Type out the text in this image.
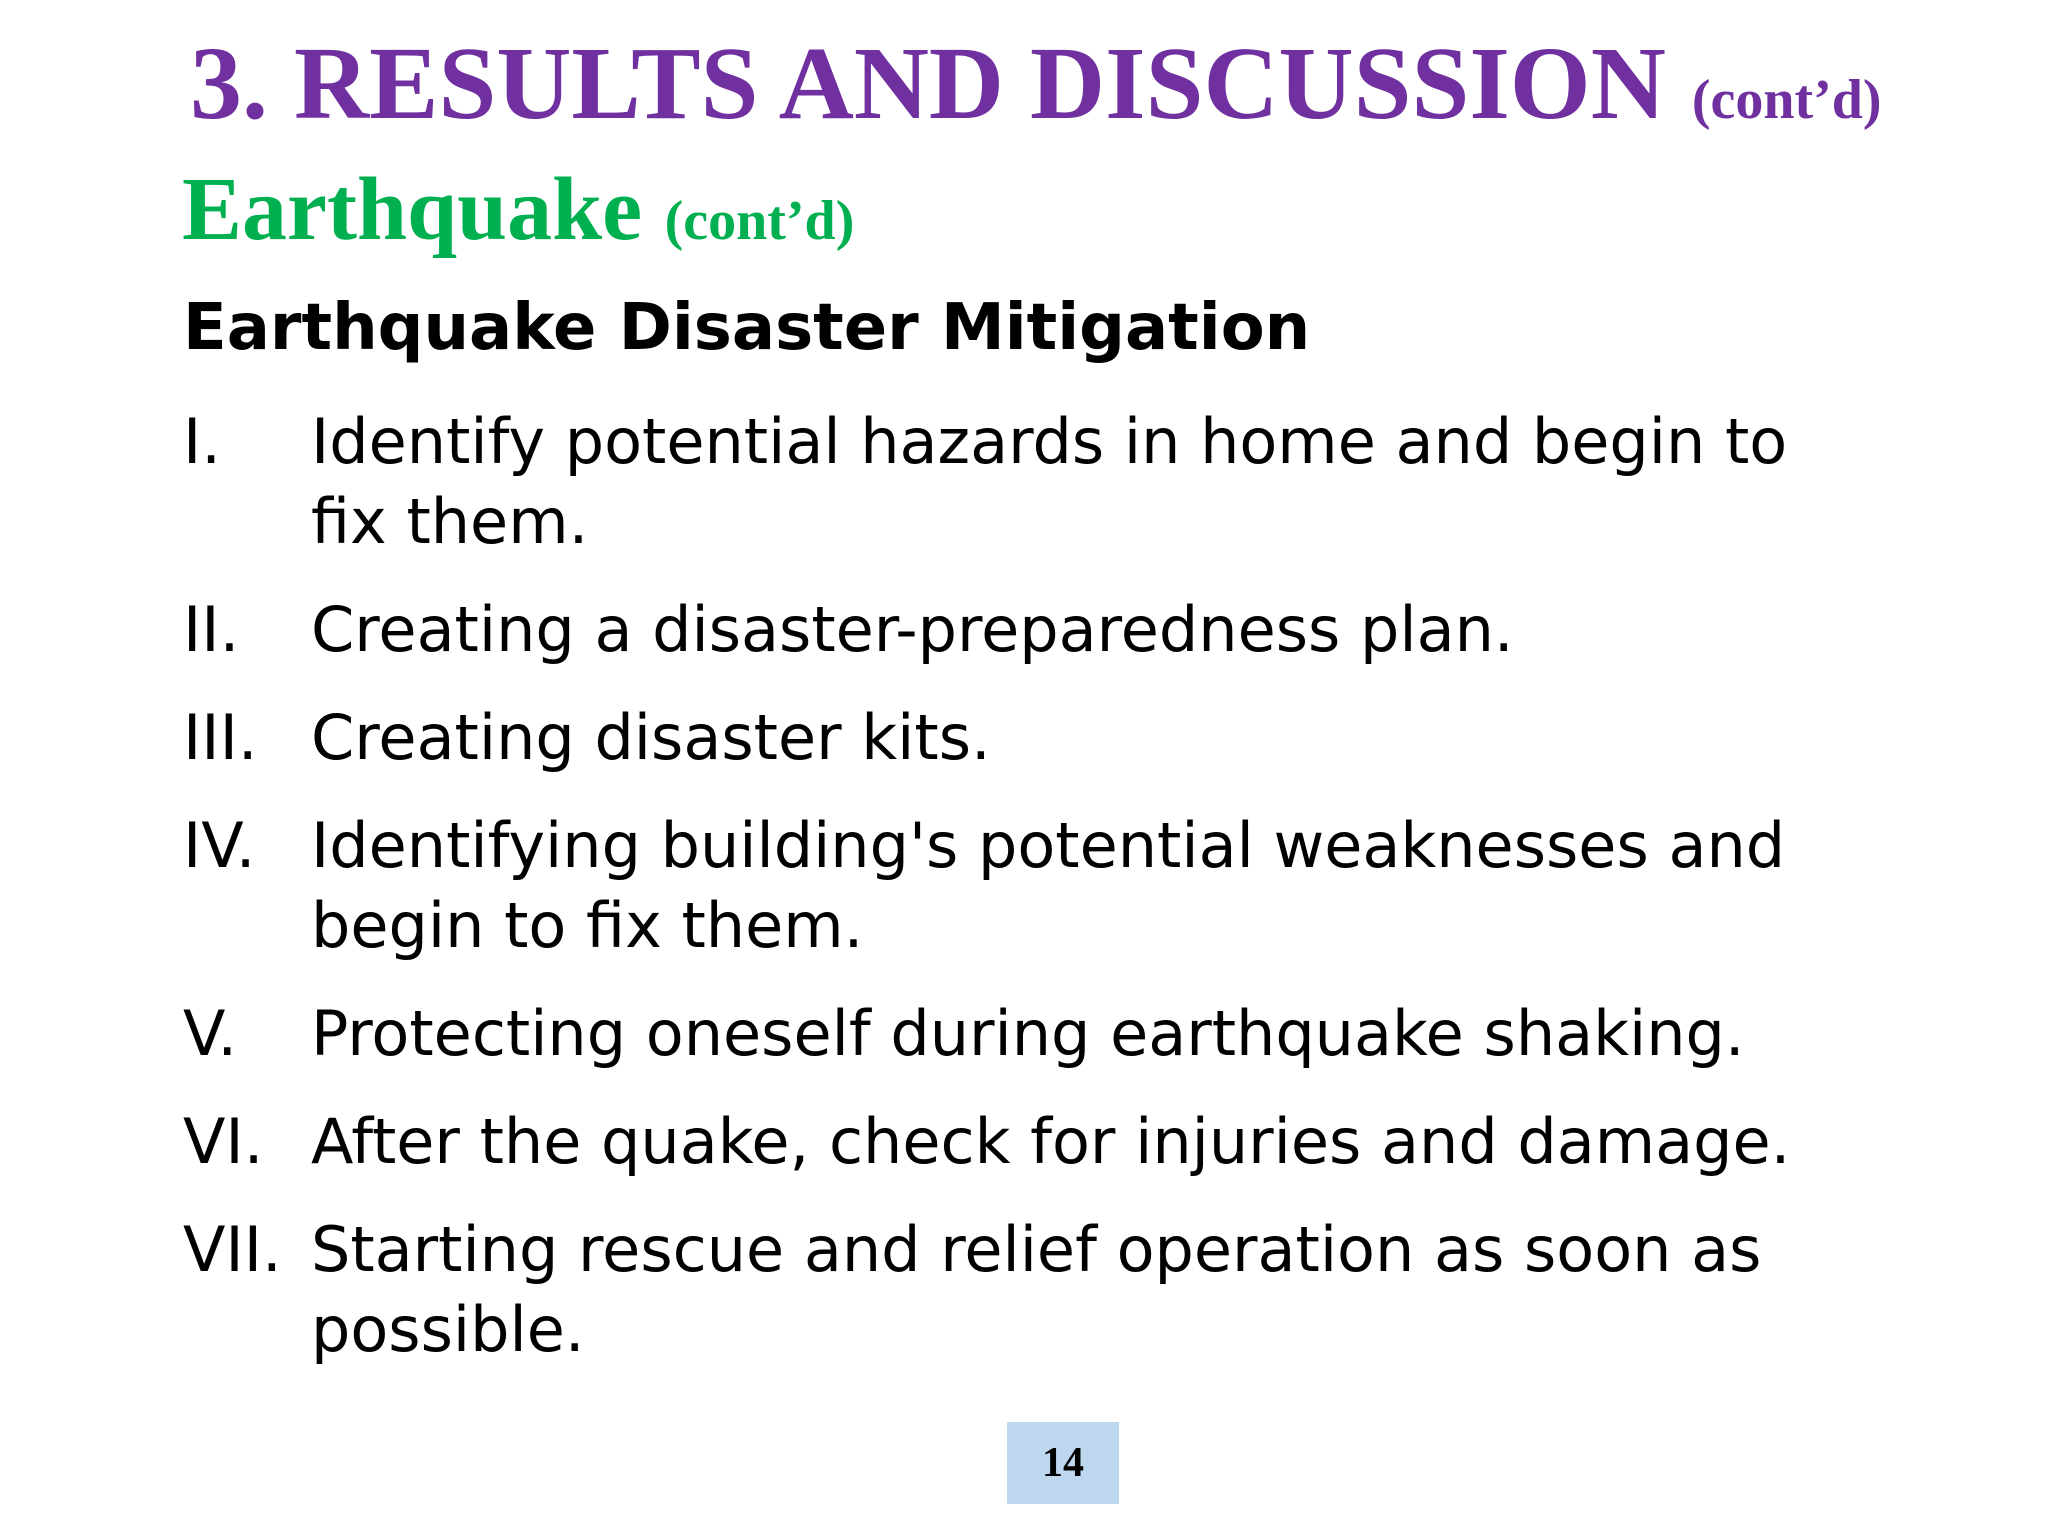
3. RESULTS AND DISCUSSION (cont’d)
Earthquake (cont’d)
Earthquake Disaster Mitigation
I. Identify potential hazards in home and begin to fix them.
II. Creating a disaster-preparedness plan.
III. Creating disaster kits.
IV. Identifying building's potential weaknesses and begin to fix them.
V. Protecting oneself during earthquake shaking.
VI. After the quake, check for injuries and damage.
VII. Starting rescue and relief operation as soon as possible.
14
